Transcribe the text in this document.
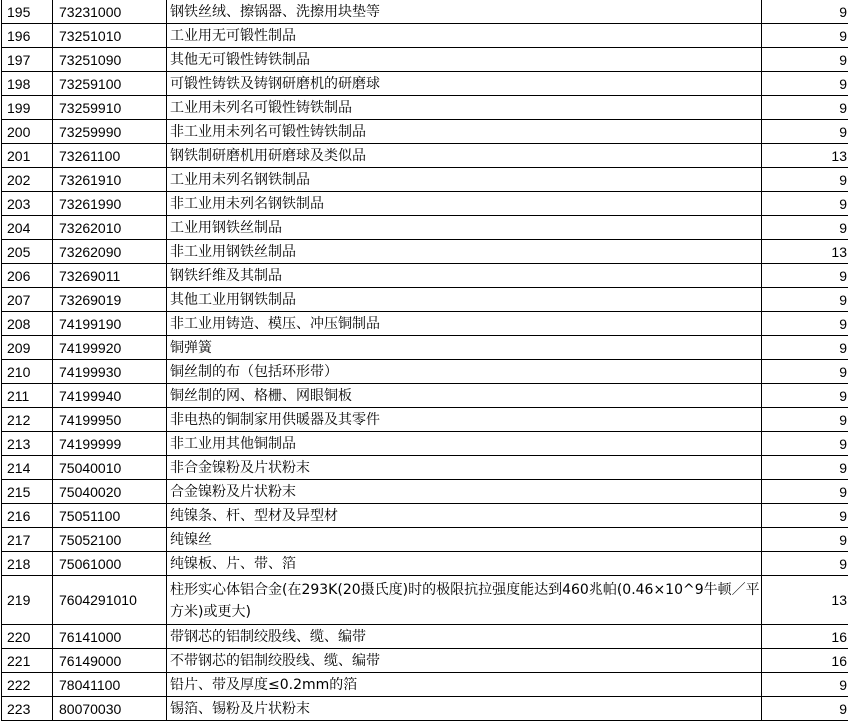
195	73231000	钢铁丝绒、擦锅器、洗擦用块垫等	9
196	73251010	工业用无可锻性制品	9
197	73251090	其他无可锻性铸铁制品	9
198	73259100	可锻性铸铁及铸钢研磨机的研磨球	9
199	73259910	工业用未列名可锻性铸铁制品	9
200	73259990	非工业用未列名可锻性铸铁制品	9
201	73261100	钢铁制研磨机用研磨球及类似品	13
202	73261910	工业用未列名钢铁制品	9
203	73261990	非工业用未列名钢铁制品	9
204	73262010	工业用钢铁丝制品	9
205	73262090	非工业用钢铁丝制品	13
206	73269011	钢铁纤维及其制品	9
207	73269019	其他工业用钢铁制品	9
208	74199190	非工业用铸造、模压、冲压铜制品	9
209	74199920	铜弹簧	9
210	74199930	铜丝制的布（包括环形带）	9
211	74199940	铜丝制的网、格栅、网眼铜板	9
212	74199950	非电热的铜制家用供暖器及其零件	9
213	74199999	非工业用其他铜制品	9
214	75040010	非合金镍粉及片状粉末	9
215	75040020	合金镍粉及片状粉末	9
216	75051100	纯镍条、杆、型材及异型材	9
217	75052100	纯镍丝	9
218	75061000	纯镍板、片、带、箔	9
219	7604291010	柱形实心体铝合金(在293K(20摄氏度)时的极限抗拉强度能达到460兆帕(0.46×10^9牛顿／平方米)或更大)	13
220	76141000	带钢芯的铝制绞股线、缆、编带	16
221	76149000	不带钢芯的铝制绞股线、缆、编带	16
222	78041100	铅片、带及厚度≤0.2mm的箔	9
223	80070030	锡箔、锡粉及片状粉末	9
